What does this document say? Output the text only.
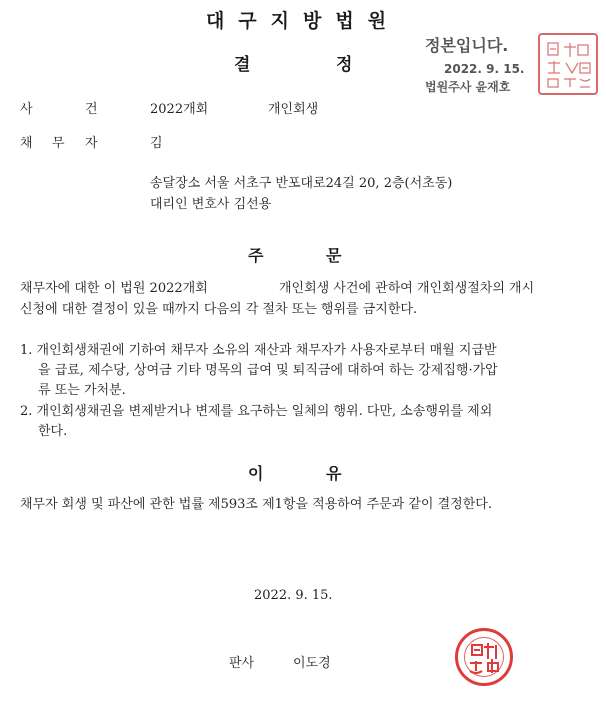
대구지방법원
결	정
정본입니다.
2022. 9. 15.
법원주사 윤재호
사	건	2022개회	개인회생
채 무 자	김
송달장소 서울 서초구 반포대로24길 20, 2층(서초동)
대리인 변호사 김선용
주	문
채무자에 대한 이 법원 2022개회	개인회생 사건에 관하여 개인회생절차의 개시
신청에 대한 결정이 있을 때까지 다음의 각 절차 또는 행위를 금지한다.
1. 개인회생채권에 기하여 채무자 소유의 재산과 채무자가 사용자로부터 매월 지급받
을 급료, 제수당, 상여금 기타 명목의 급여 및 퇴직금에 대하여 하는 강제집행·가압
류 또는 가처분.
2. 개인회생채권을 변제받거나 변제를 요구하는 일체의 행위. 다만, 소송행위를 제외
한다.
이	유
채무자 회생 및 파산에 관한 법률 제593조 제1항을 적용하여 주문과 같이 결정한다.
2022. 9. 15.
판사	이도경
